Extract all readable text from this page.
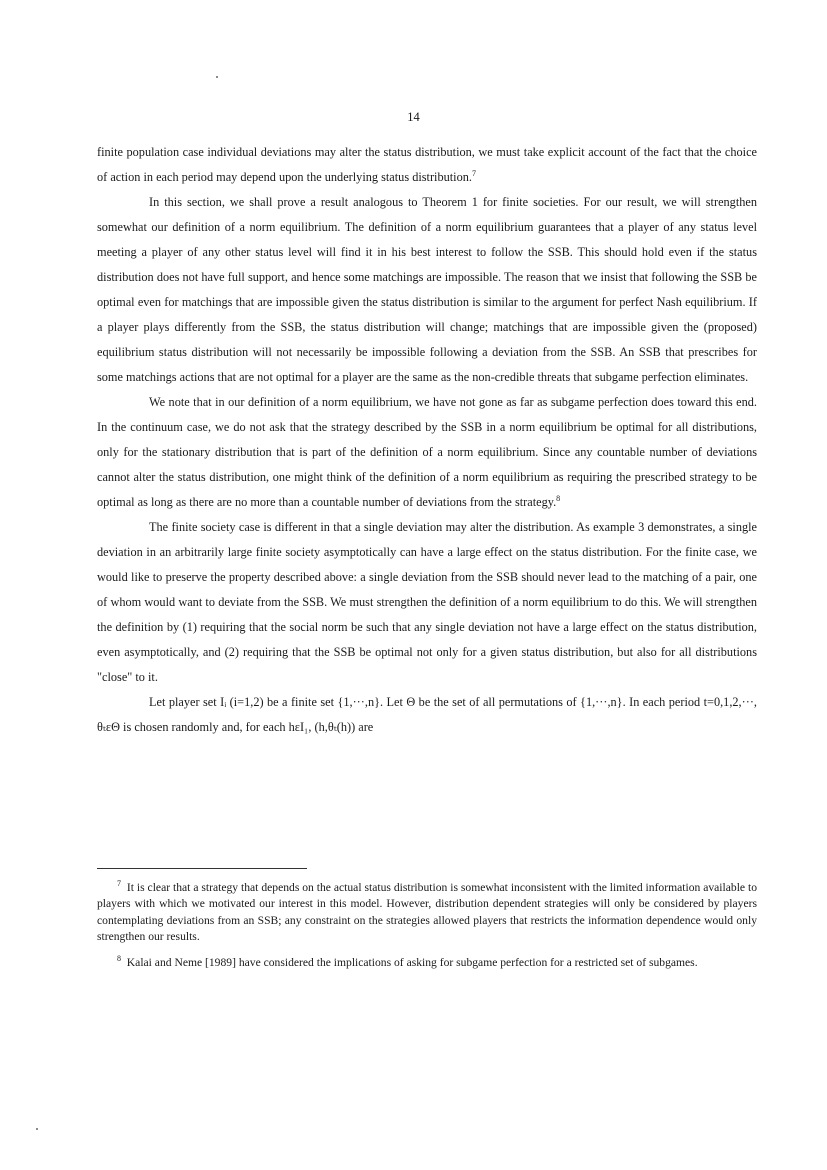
14

finite population case individual deviations may alter the status distribution, we must take explicit account of the fact that the choice of action in each period may depend upon the underlying status distribution.$^7$

In this section, we shall prove a result analogous to Theorem 1 for finite societies. For our result, we will strengthen somewhat our definition of a norm equilibrium. The definition of a norm equilibrium guarantees that a player of any status level meeting a player of any other status level will find it in his best interest to follow the SSB. This should hold even if the status distribution does not have full support, and hence some matchings are impossible. The reason that we insist that following the SSB be optimal even for matchings that are impossible given the status distribution is similar to the argument for perfect Nash equilibrium. If a player plays differently from the SSB, the status distribution will change; matchings that are impossible given the (proposed) equilibrium status distribution will not necessarily be impossible following a deviation from the SSB. An SSB that prescribes for some matchings actions that are not optimal for a player are the same as the non-credible threats that subgame perfection eliminates.

We note that in our definition of a norm equilibrium, we have not gone as far as subgame perfection does toward this end. In the continuum case, we do not ask that the strategy described by the SSB in a norm equilibrium be optimal for all distributions, only for the stationary distribution that is part of the definition of a norm equilibrium. Since any countable number of deviations cannot alter the status distribution, one might think of the definition of a norm equilibrium as requiring the prescribed strategy to be optimal as long as there are no more than a countable number of deviations from the strategy.$^8$

The finite society case is different in that a single deviation may alter the distribution. As example 3 demonstrates, a single deviation in an arbitrarily large finite society asymptotically can have a large effect on the status distribution. For the finite case, we would like to preserve the property described above: a single deviation from the SSB should never lead to the matching of a pair, one of whom would want to deviate from the SSB. We must strengthen the definition of a norm equilibrium to do this. We will strengthen the definition by (1) requiring that the social norm be such that any single deviation not have a large effect on the status distribution, even asymptotically, and (2) requiring that the SSB be optimal not only for a given status distribution, but also for all distributions "close" to it.

Let player set Iᵢ (i=1,2) be a finite set {1,···,n}. Let Θ be the set of all permutations of {1,···,n}. In each period t=0,1,2,···, θₜεΘ is chosen randomly and, for each hεI₁, (h,θₜ(h)) are

$^7$ It is clear that a strategy that depends on the actual status distribution is somewhat inconsistent with the limited information available to players with which we motivated our interest in this model. However, distribution dependent strategies will only be considered by players contemplating deviations from an SSB; any constraint on the strategies allowed players that restricts the information dependence would only strengthen our results.

$^8$ Kalai and Neme [1989] have considered the implications of asking for subgame perfection for a restricted set of subgames.
